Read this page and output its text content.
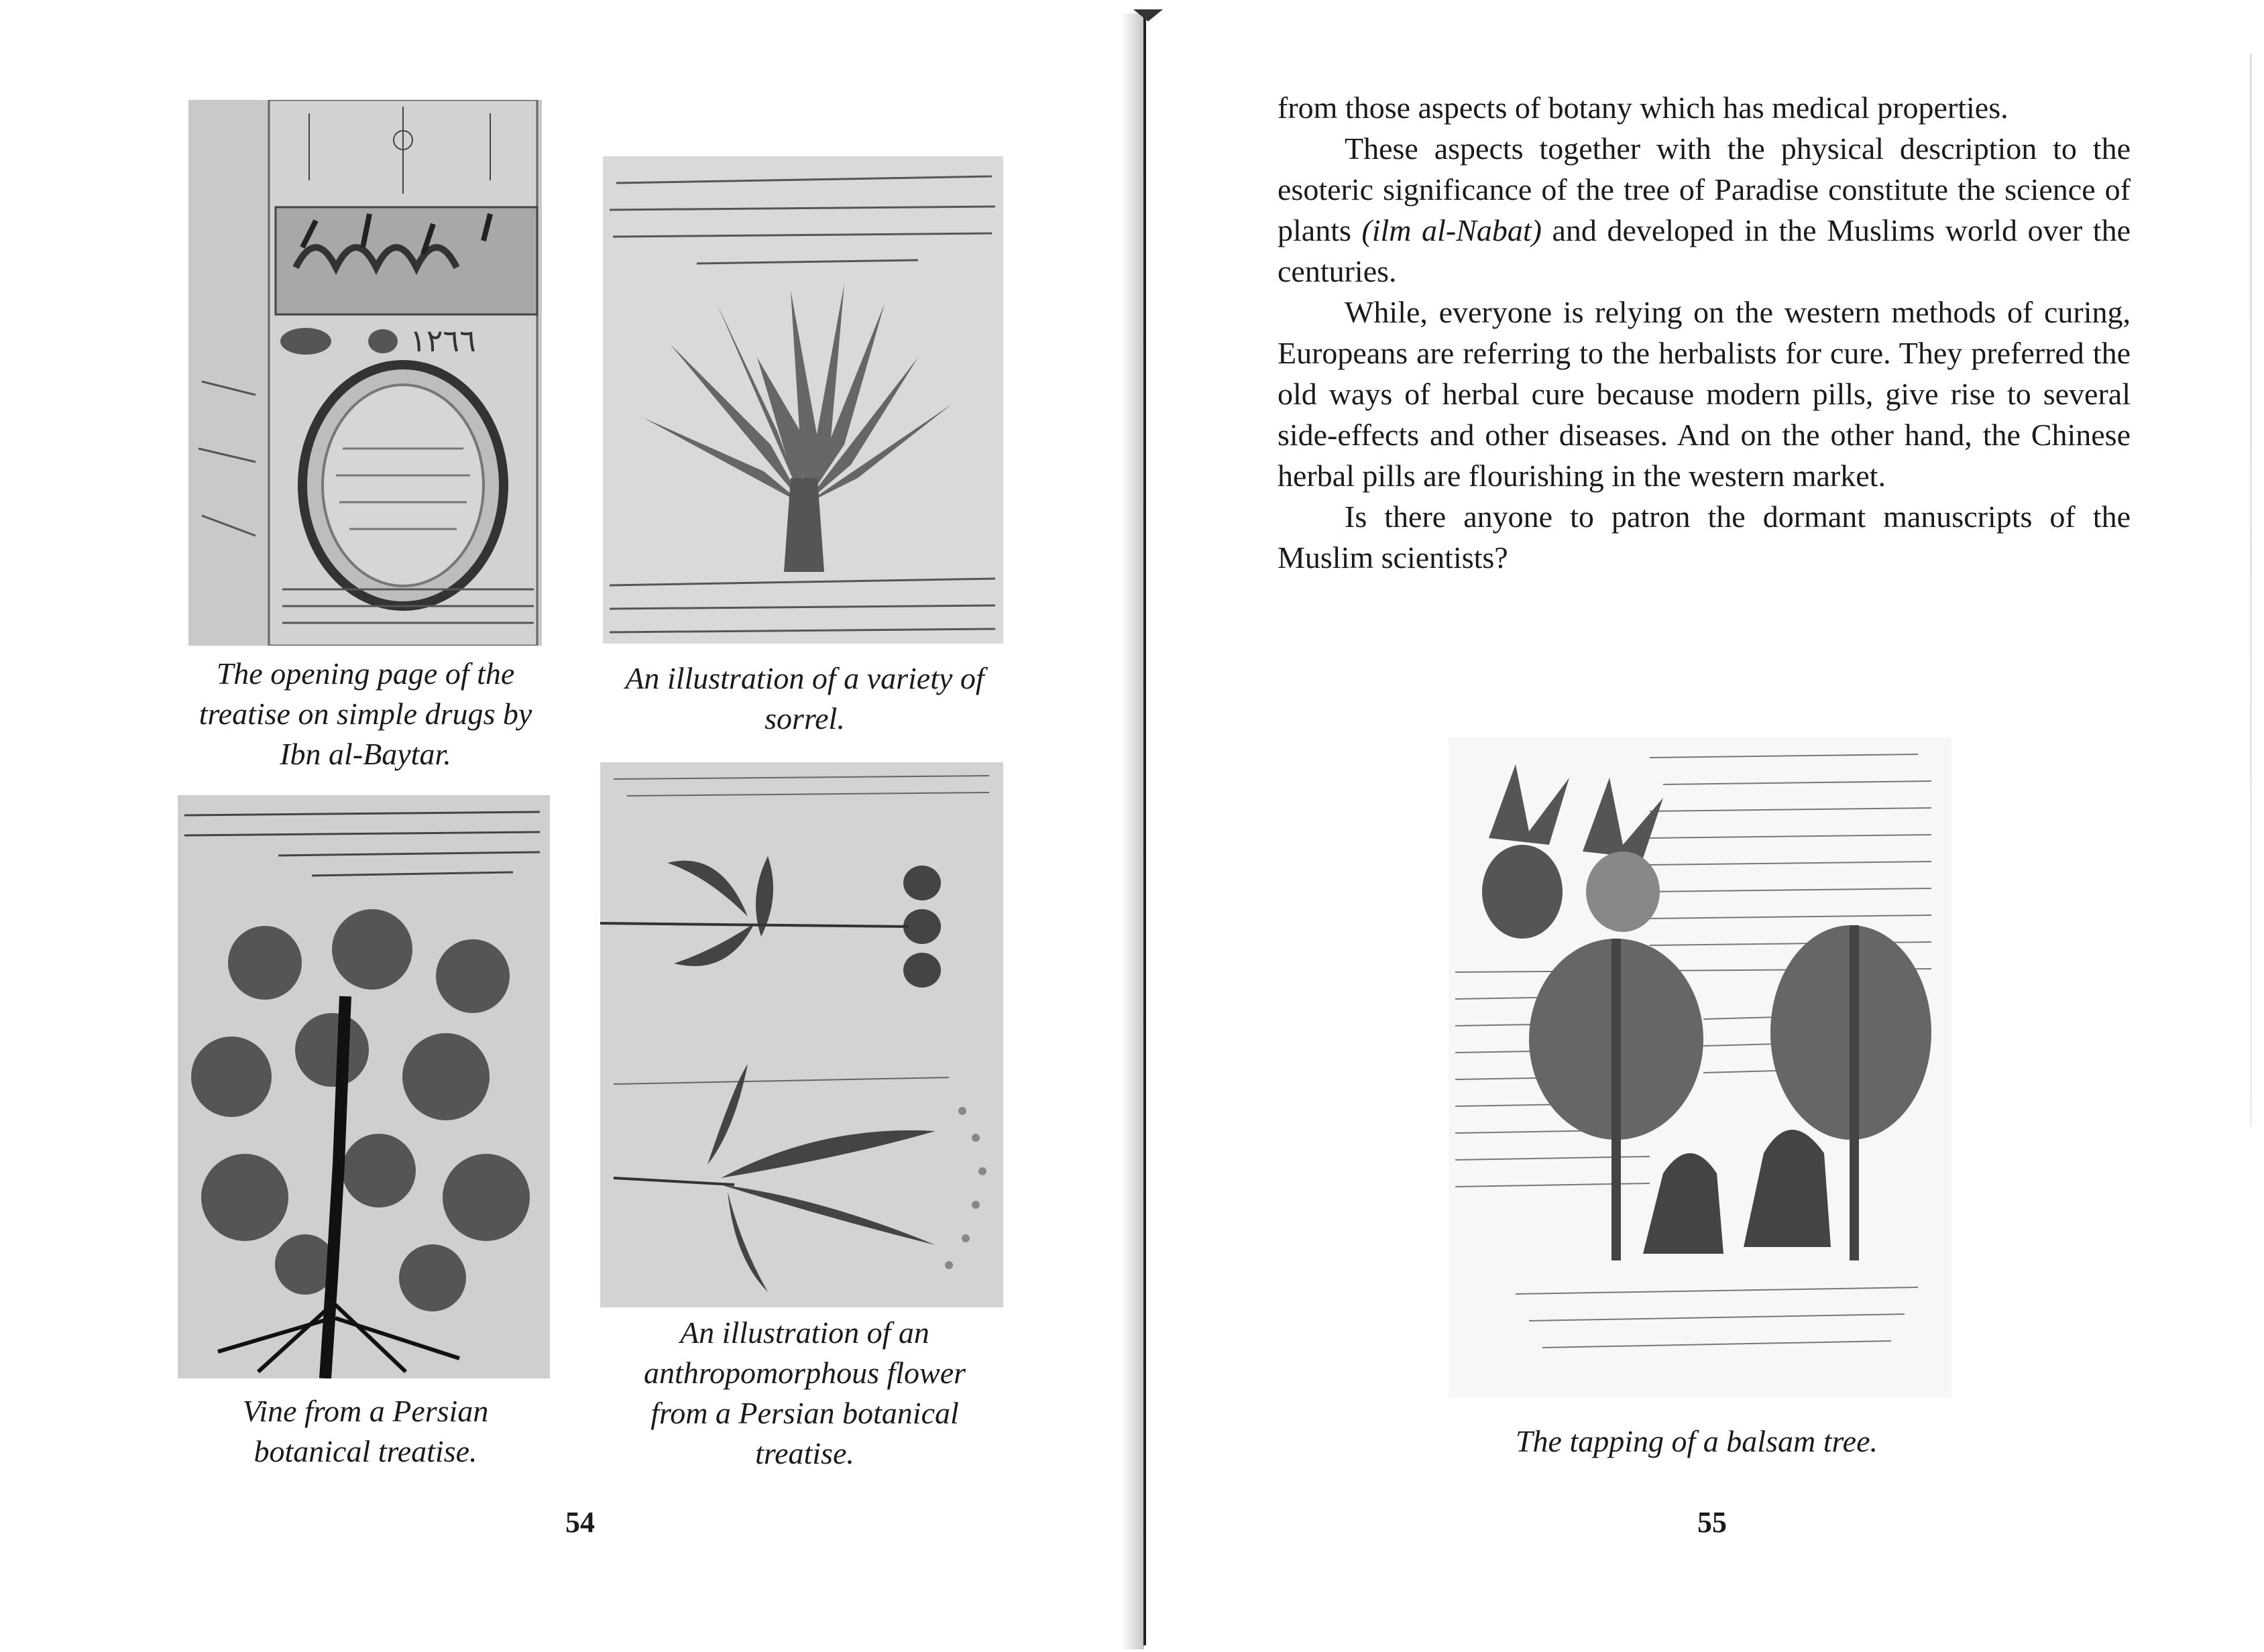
١٢٦٦
The opening page of the
treatise on simple drugs by
Ibn al-Baytar.
An illustration of a variety of
sorrel.
Vine from a Persian
botanical treatise.
An illustration of an
anthropomorphous flower
from a Persian botanical
treatise.
54

from those aspects of botany which has medical properties.

These aspects together with the physical description to the esoteric significance of the tree of Paradise constitute the science of plants (ilm al-Nabat) and developed in the Muslims world over the centuries.

While, everyone is relying on the western methods of curing, Europeans are referring to the herbalists for cure. They preferred the old ways of herbal cure because modern pills, give rise to several side-effects and other diseases. And on the other hand, the Chinese herbal pills are flourishing in the western market.

Is there anyone to patron the dormant manuscripts of the Muslim scientists?

The tapping of a balsam tree.
55
